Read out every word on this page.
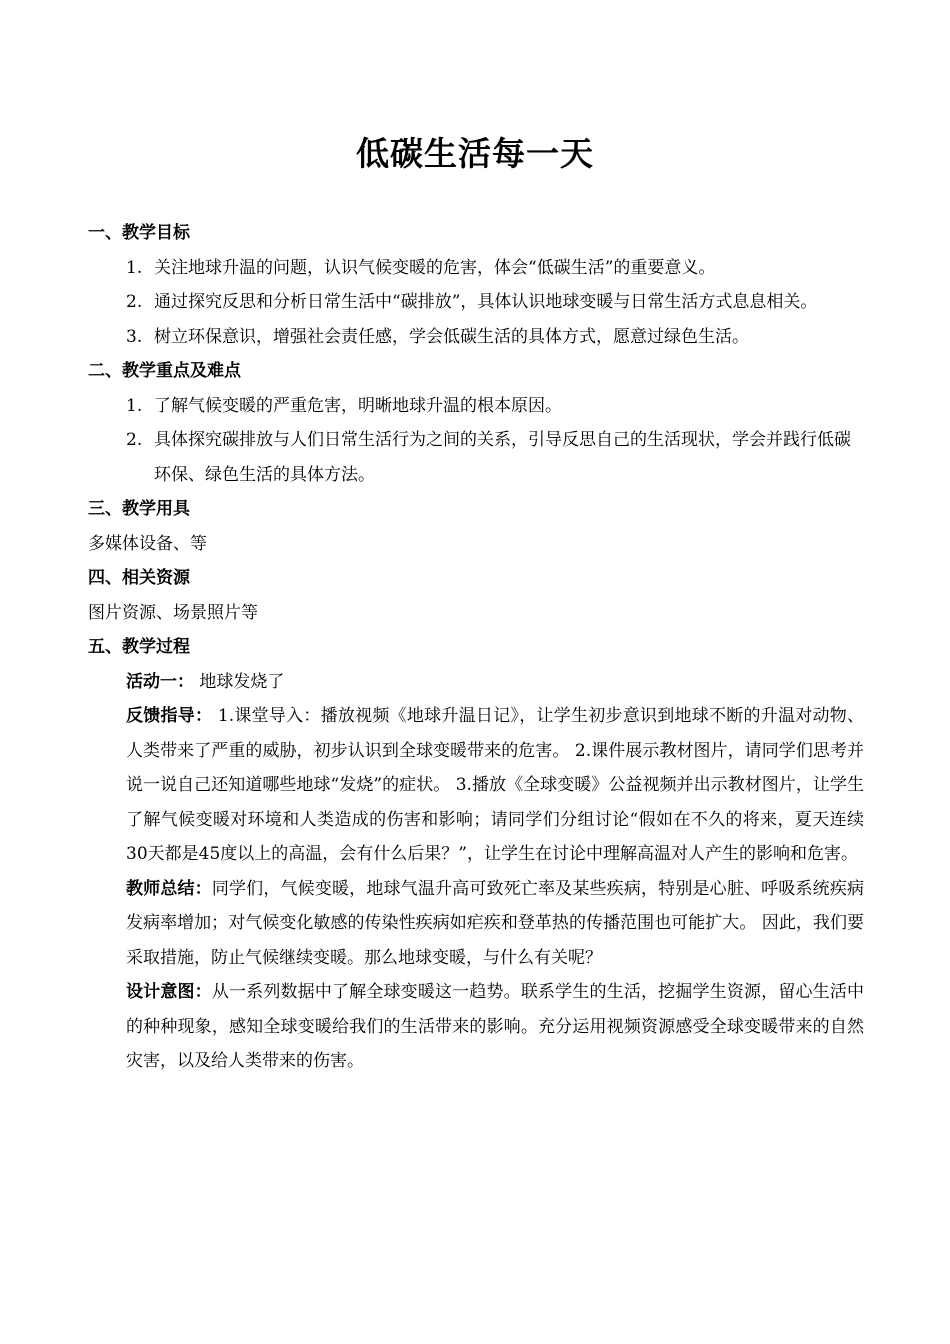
低碳生活每一天

一、教学目标

1. 关注地球升温的问题，认识气候变暖的危害，体会“低碳生活”的重要意义。
2. 通过探究反思和分析日常生活中“碳排放”，具体认识地球变暖与日常生活方式息息相关。
3. 树立环保意识，增强社会责任感，学会低碳生活的具体方式，愿意过绿色生活。

二、教学重点及难点

1. 了解气候变暖的严重危害，明晰地球升温的根本原因。
2. 具体探究碳排放与人们日常生活行为之间的关系，引导反思自己的生活现状，学会并践行低碳环保、绿色生活的具体方法。

三、教学用具

多媒体设备、等

四、相关资源

图片资源、场景照片等

五、教学过程

活动一： 地球发烧了

反馈指导： 1.课堂导入：播放视频《地球升温日记》，让学生初步意识到地球不断的升温对动物、人类带来了严重的威胁，初步认识到全球变暖带来的危害。 2.课件展示教材图片，请同学们思考并说一说自己还知道哪些地球“发烧”的症状。 3.播放《全球变暖》公益视频并出示教材图片，让学生了解气候变暖对环境和人类造成的伤害和影响；请同学们分组讨论“假如在不久的将来，夏天连续30天都是45度以上的高温，会有什么后果？”，让学生在讨论中理解高温对人产生的影响和危害。

教师总结：同学们，气候变暖，地球气温升高可致死亡率及某些疾病，特别是心脏、呼吸系统疾病发病率增加；对气候变化敏感的传染性疾病如疟疾和登革热的传播范围也可能扩大。 因此，我们要采取措施，防止气候继续变暖。那么地球变暖，与什么有关呢？

设计意图：从一系列数据中了解全球变暖这一趋势。联系学生的生活，挖掘学生资源，留心生活中的种种现象，感知全球变暖给我们的生活带来的影响。充分运用视频资源感受全球变暖带来的自然灾害，以及给人类带来的伤害。
